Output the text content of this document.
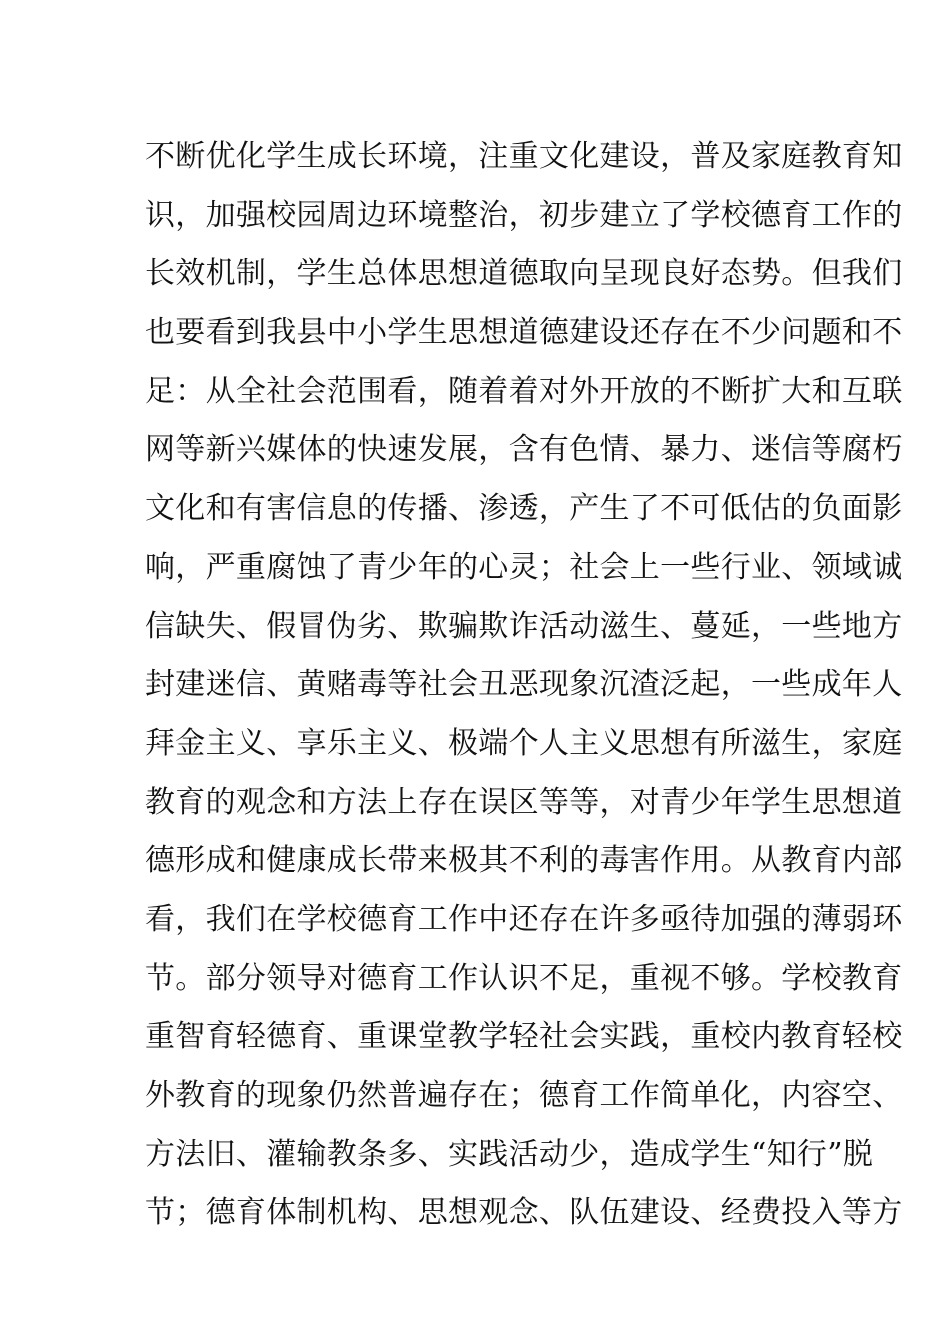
不断优化学生成长环境，注重文化建设，普及家庭教育知
识，加强校园周边环境整治，初步建立了学校德育工作的
长效机制，学生总体思想道德取向呈现良好态势。但我们
也要看到我县中小学生思想道德建设还存在不少问题和不
足：从全社会范围看，随着着对外开放的不断扩大和互联
网等新兴媒体的快速发展，含有色情、暴力、迷信等腐朽
文化和有害信息的传播、渗透，产生了不可低估的负面影
响，严重腐蚀了青少年的心灵；社会上一些行业、领域诚
信缺失、假冒伪劣、欺骗欺诈活动滋生、蔓延，一些地方
封建迷信、黄赌毒等社会丑恶现象沉渣泛起，一些成年人
拜金主义、享乐主义、极端个人主义思想有所滋生，家庭
教育的观念和方法上存在误区等等，对青少年学生思想道
德形成和健康成长带来极其不利的毒害作用。从教育内部
看，我们在学校德育工作中还存在许多亟待加强的薄弱环
节。部分领导对德育工作认识不足，重视不够。学校教育
重智育轻德育、重课堂教学轻社会实践，重校内教育轻校
外教育的现象仍然普遍存在；德育工作简单化，内容空、
方法旧、灌输教条多、实践活动少，造成学生“知行”脱
节；德育体制机构、思想观念、队伍建设、经费投入等方
